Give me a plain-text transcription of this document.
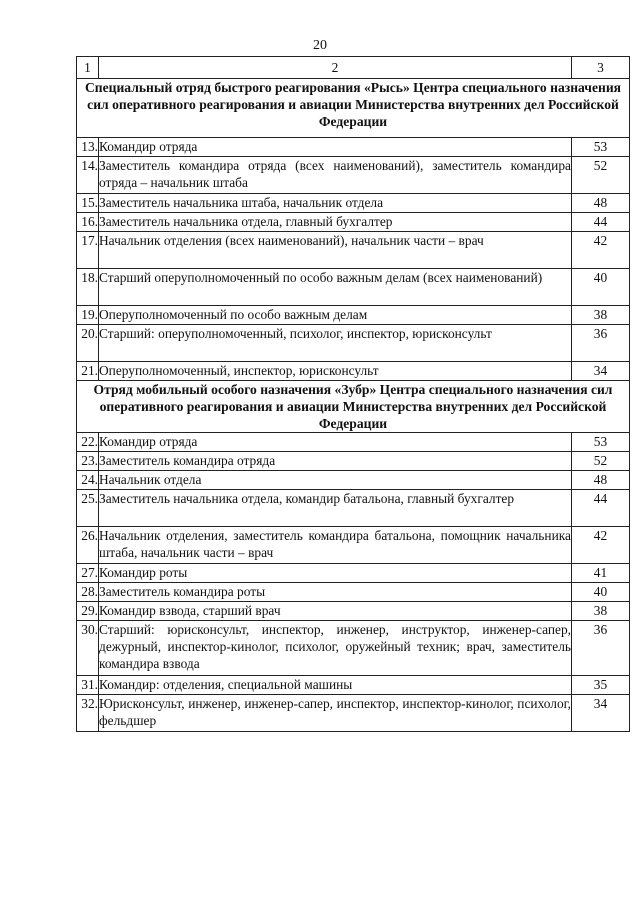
20
1	2	3
Специальный отряд быстрого реагирования «Рысь» Центра специального назначения сил оперативного реагирования и авиации Министерства внутренних дел Российской Федерации		
13.	Командир отряда	53
14.	Заместитель командира отряда (всех наименований), заместитель командира отряда – начальник штаба	52
15.	Заместитель начальника штаба, начальник отдела	48
16.	Заместитель начальника отдела, главный бухгалтер	44
17.	Начальник отделения (всех наименований), начальник части – врач	42
18.	Старший оперуполномоченный по особо важным делам (всех наименований)	40
19.	Оперуполномоченный по особо важным делам	38
20.	Старший: оперуполномоченный, психолог, инспектор, юрисконсульт	36
21.	Оперуполномоченный, инспектор, юрисконсульт	34
Отряд мобильный особого назначения «Зубр» Центра специального назначения сил оперативного реагирования и авиации Министерства внутренних дел Российской Федерации		
22.	Командир отряда	53
23.	Заместитель командира отряда	52
24.	Начальник отдела	48
25.	Заместитель начальника отдела, командир батальона, главный бухгалтер	44
26.	Начальник отделения, заместитель командира батальона, помощник начальника штаба, начальник части – врач	42
27.	Командир роты	41
28.	Заместитель командира роты	40
29.	Командир взвода, старший врач	38
30.	Старший: юрисконсульт, инспектор, инженер, инструктор, инженер-сапер, дежурный, инспектор-кинолог, психолог, оружейный техник; врач, заместитель командира взвода	36
31.	Командир: отделения, специальной машины	35
32.	Юрисконсульт, инженер, инженер-сапер, инспектор, инспектор-кинолог, психолог, фельдшер	34
